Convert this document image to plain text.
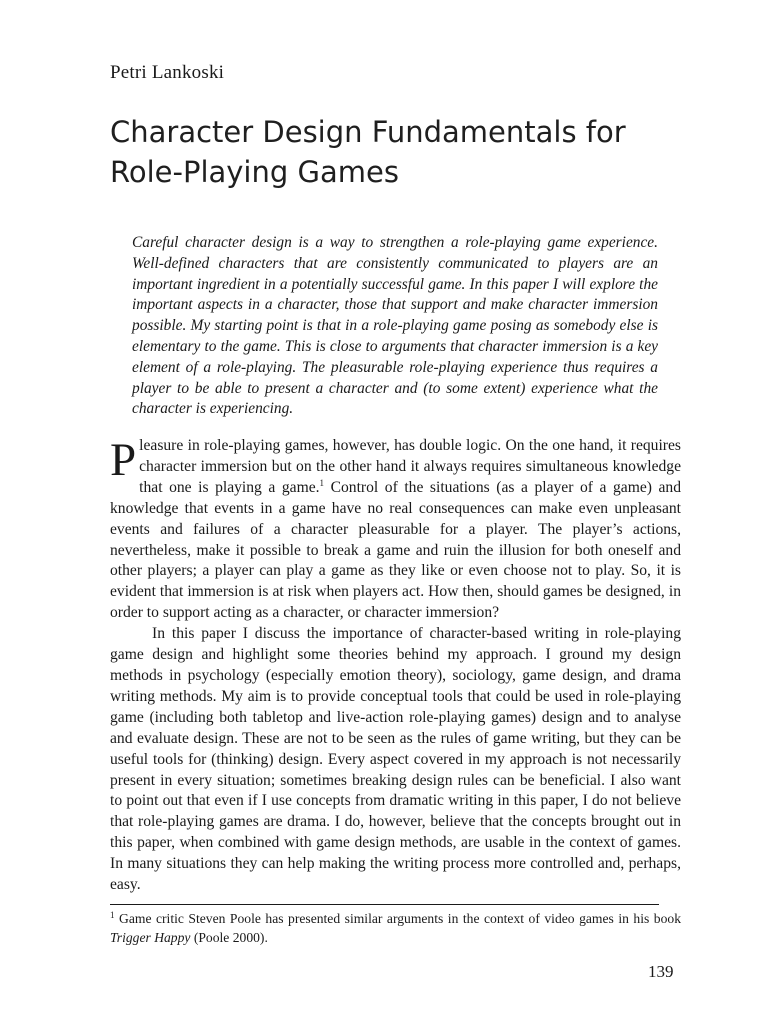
Petri Lankoski
Character Design Fundamentals for
Role-Playing Games

Careful character design is a way to strengthen a role-playing game experience. Well-defined characters that are consistently communicated to players are an important ingredient in a potentially successful game. In this paper I will explore the important aspects in a character, those that support and make character immersion possible. My starting point is that in a role-playing game posing as somebody else is elementary to the game. This is close to arguments that character immersion is a key element of a role-playing. The pleasurable role-playing experience thus requires a player to be able to present a character and (to some extent) experience what the character is experiencing.

Pleasure in role-playing games, however, has double logic. On the one hand, it requires character immersion but on the other hand it always requires simultaneous knowledge that one is playing a game.$^1$ Control of the situations (as a player of a game) and knowledge that events in a game have no real consequences can make even unpleasant events and failures of a character pleasurable for a player. The player’s actions, nevertheless, make it possible to break a game and ruin the illusion for both oneself and other players; a player can play a game as they like or even choose not to play. So, it is evident that immersion is at risk when players act. How then, should games be designed, in order to support acting as a character, or character immersion?

In this paper I discuss the importance of character-based writing in role-playing game design and highlight some theories behind my approach. I ground my design methods in psychology (especially emotion theory), sociology, game design, and drama writing methods. My aim is to provide conceptual tools that could be used in role-playing game (including both tabletop and live-action role-playing games) design and to analyse and evaluate design. These are not to be seen as the rules of game writing, but they can be useful tools for (thinking) design. Every aspect covered in my approach is not necessarily present in every situation; sometimes breaking design rules can be beneficial. I also want to point out that even if I use concepts from dramatic writing in this paper, I do not believe that role-playing games are drama. I do, however, believe that the concepts brought out in this paper, when combined with game design methods, are usable in the context of games. In many situations they can help making the writing process more controlled and, perhaps, easy.

$^1$ Game critic Steven Poole has presented similar arguments in the context of video games in his book Trigger Happy (Poole 2000).

139
